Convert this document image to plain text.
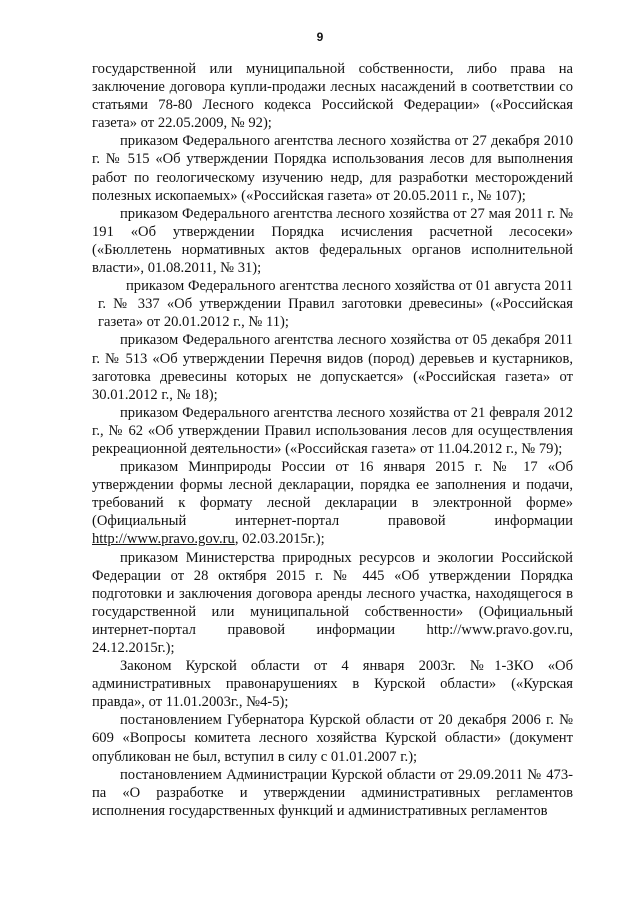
9

государственной или муниципальной собственности, либо права на заключение договора купли-продажи лесных насаждений в соответствии со статьями 78-80 Лесного кодекса Российской Федерации» («Российская газета» от 22.05.2009, № 92);

приказом Федерального агентства лесного хозяйства от 27 декабря 2010 г. № 515 «Об утверждении Порядка использования лесов для выполнения работ по геологическому изучению недр, для разработки месторождений полезных ископаемых» («Российская газета» от 20.05.2011 г., № 107);

приказом Федерального агентства лесного хозяйства от 27 мая 2011 г. № 191 «Об утверждении Порядка исчисления расчетной лесосеки» («Бюллетень нормативных актов федеральных органов исполнительной власти», 01.08.2011, № 31);

приказом Федерального агентства лесного хозяйства от 01 августа 2011 г. № 337 «Об утверждении Правил заготовки древесины» («Российская газета» от 20.01.2012 г., № 11);

приказом Федерального агентства лесного хозяйства от 05 декабря 2011 г. № 513 «Об утверждении Перечня видов (пород) деревьев и кустарников, заготовка древесины которых не допускается» («Российская газета» от 30.01.2012 г., № 18);

приказом Федерального агентства лесного хозяйства от 21 февраля 2012 г., № 62 «Об утверждении Правил использования лесов для осуществления рекреационной деятельности» («Российская газета» от 11.04.2012 г., № 79);

приказом Минприроды России от 16 января 2015 г. № 17 «Об утверждении формы лесной декларации, порядка ее заполнения и подачи, требований к формату лесной декларации в электронной форме» (Официальный интернет-портал правовой информации http://www.pravo.gov.ru, 02.03.2015г.);

приказом Министерства природных ресурсов и экологии Российской Федерации от 28 октября 2015 г. № 445 «Об утверждении Порядка подготовки и заключения договора аренды лесного участка, находящегося в государственной или муниципальной собственности» (Официальный интернет-портал правовой информации http://www.pravo.gov.ru, 24.12.2015г.);

Законом Курской области от 4 января 2003г. №1-ЗКО «Об административных правонарушениях в Курской области» («Курская правда», от 11.01.2003г., №4-5);

постановлением Губернатора Курской области от 20 декабря 2006 г. № 609 «Вопросы комитета лесного хозяйства Курской области» (документ опубликован не был, вступил в силу с 01.01.2007 г.);

постановлением Администрации Курской области от 29.09.2011 № 473-па «О разработке и утверждении административных регламентов исполнения государственных функций и административных регламентов
